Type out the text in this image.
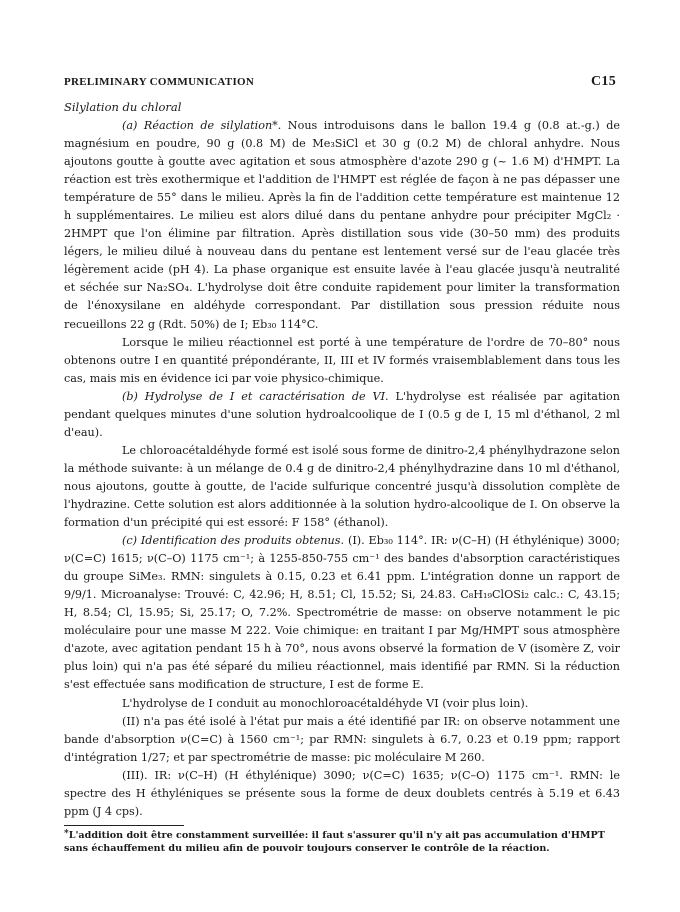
PRELIMINARY COMMUNICATION	C15
Silylation du chloral

(a) Réaction de silylation*. Nous introduisons dans le ballon 19.4 g (0.8 at.-g.) de magnésium en poudre, 90 g (0.8 M) de Me₃SiCl et 30 g (0.2 M) de chloral anhydre. Nous ajoutons goutte à goutte avec agitation et sous atmosphère d'azote 290 g (~ 1.6 M) d'HMPT. La réaction est très exothermique et l'addition de l'HMPT est réglée de façon à ne pas dépasser une température de 55° dans le milieu. Après la fin de l'addition cette température est maintenue 12 h supplémentaires. Le milieu est alors dilué dans du pentane anhydre pour précipiter MgCl₂ · 2HMPT que l'on élimine par filtration. Après distillation sous vide (30–50 mm) des produits légers, le milieu dilué à nouveau dans du pentane est lentement versé sur de l'eau glacée très légèrement acide (pH 4). La phase organique est ensuite lavée à l'eau glacée jusqu'à neutralité et séchée sur Na₂SO₄. L'hydrolyse doit être conduite rapidement pour limiter la transformation de l'énoxysilane en aldéhyde correspondant. Par distillation sous pression réduite nous recueillons 22 g (Rdt. 50%) de I; Eb₃₀ 114°C.

Lorsque le milieu réactionnel est porté à une température de l'ordre de 70–80° nous obtenons outre I en quantité prépondérante, II, III et IV formés vraisemblablement dans tous les cas, mais mis en évidence ici par voie physico-chimique.

(b) Hydrolyse de I et caractérisation de VI. L'hydrolyse est réalisée par agitation pendant quelques minutes d'une solution hydroalcoolique de I (0.5 g de I, 15 ml d'éthanol, 2 ml d'eau).

Le chloroacétaldéhyde formé est isolé sous forme de dinitro-2,4 phénylhydrazone selon la méthode suivante: à un mélange de 0.4 g de dinitro-2,4 phénylhydrazine dans 10 ml d'éthanol, nous ajoutons, goutte à goutte, de l'acide sulfurique concentré jusqu'à dissolution complète de l'hydrazine. Cette solution est alors additionnée à la solution hydro-alcoolique de I. On observe la formation d'un précipité qui est essoré: F 158° (éthanol).

(c) Identification des produits obtenus. (I). Eb₃₀ 114°. IR: ν(C–H) (H éthylénique) 3000; ν(C=C) 1615; ν(C–O) 1175 cm⁻¹; à 1255-850-755 cm⁻¹ des bandes d'absorption caractéristiques du groupe SiMe₃. RMN: singulets à 0.15, 0.23 et 6.41 ppm. L'intégration donne un rapport de 9/9/1. Microanalyse: Trouvé: C, 42.96; H, 8.51; Cl, 15.52; Si, 24.83. C₈H₁₉ClOSi₂ calc.: C, 43.15; H, 8.54; Cl, 15.95; Si, 25.17; O, 7.2%. Spectrométrie de masse: on observe notamment le pic moléculaire pour une masse M 222. Voie chimique: en traitant I par Mg/HMPT sous atmosphère d'azote, avec agitation pendant 15 h à 70°, nous avons observé la formation de V (isomère Z, voir plus loin) qui n'a pas été séparé du milieu réactionnel, mais identifié par RMN. Si la réduction s'est effectuée sans modification de structure, I est de forme E.

L'hydrolyse de I conduit au monochloroacétaldéhyde VI (voir plus loin).

(II) n'a pas été isolé à l'état pur mais a été identifié par IR: on observe notamment une bande d'absorption ν(C=C) à 1560 cm⁻¹; par RMN: singulets à 6.7, 0.23 et 0.19 ppm; rapport d'intégration 1/27; et par spectrométrie de masse: pic moléculaire M 260.

(III). IR: ν(C–H) (H éthylénique) 3090; ν(C=C) 1635; ν(C–O) 1175 cm⁻¹. RMN: le spectre des H éthyléniques se présente sous la forme de deux doublets centrés à 5.19 et 6.43 ppm (J 4 cps).

*L'addition doit être constamment surveillée: il faut s'assurer qu'il n'y ait pas accumulation d'HMPT sans échauffement du milieu afin de pouvoir toujours conserver le contrôle de la réaction.
